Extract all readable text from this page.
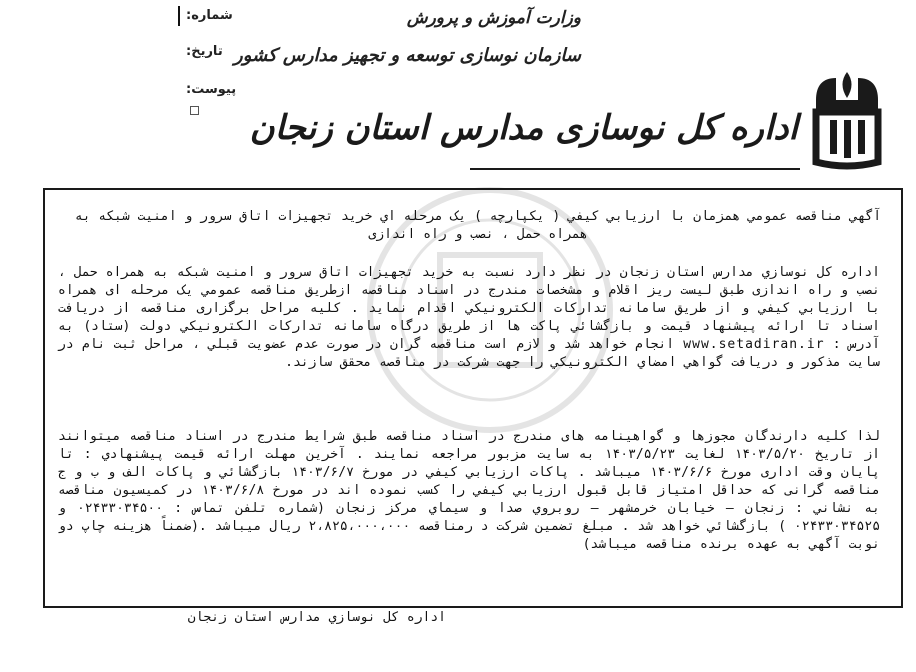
وزارت آموزش و پرورش
سازمان نوسازی توسعه و تجهیز مدارس کشور
اداره کل نوسازی مدارس استان زنجان
شماره:
تاریخ:
پیوست:
آگهي مناقصه عمومي همزمان با ارزيابي كيفي ( يكپارچه ) يک مرحله اي خريد تجهيزات اتاق سرور و امنيت شبكه به همراه حمل ، نصب و راه اندازی
اداره كل نوسازي مدارس استان زنجان در نظر دارد نسبت به خريد تجهيزات اتاق سرور و امنيت شبكه به همراه حمل ، نصب و راه اندازی طبق ليست ريز اقلام و مشخصات مندرج در اسناد مناقصه ازطريق مناقصه عمومي يک مرحله ای همراه با ارزيابي كيفي و از طريق سامانه تداركات الكترونيكي اقدام نمايد . كليه مراحل برگزاری مناقصه از دريافت اسناد تا ارائه پيشنهاد قيمت و بازگشائي پاكت ها از طريق درگاه سامانه تداركات الكترونيكي دولت (ستاد) به آدرس : www.setadiran.ir انجام خواهد شد و لازم است مناقصه گران در صورت عدم عضويت قبلي ، مراحل ثبت نام در سايت مذكور و دريافت گواهي امضاي الكترونيكي را جهت شركت در مناقصه محقق سازند.
لذا كليه دارندگان مجوزها و گواهينامه های مندرج در اسناد مناقصه طبق شرايط مندرج در اسناد مناقصه ميتوانند از تاريخ ۱۴۰۳/۵/۲۰ لغايت ۱۴۰۳/۵/۲۳ به سايت مزبور مراجعه نمايند . آخرين مهلت ارائه قيمت پيشنهادي : تا پايان وقت اداری مورخ ۱۴۰۳/۶/۶ ميباشد . پاكات ارزيابي كيفي در مورخ ۱۴۰۳/۶/۷ بازگشائي و پاكات الف و ب و ج مناقصه گرانی كه حداقل امتياز قابل قبول ارزيابي كيفي را كسب نموده اند در مورخ ۱۴۰۳/۶/۸ در كميسيون مناقصه به نشاني : زنجان – خيابان خرمشهر – روبروي صدا و سيماي مركز زنجان (شماره تلفن تماس : ۰۲۴۳۳۰۳۴۵۰۰ و ۰۲۴۳۳۰۳۴۵۲۵ ) بازگشائي خواهد شد . مبلغ تضمين شركت د رمناقصه ۲،۸۲۵،۰۰۰،۰۰۰ ريال ميباشد .(ضمناً هزينه چاپ دو نوبت آگهي به عهده برنده مناقصه ميباشد)
اداره كل نوسازي مدارس استان زنجان
